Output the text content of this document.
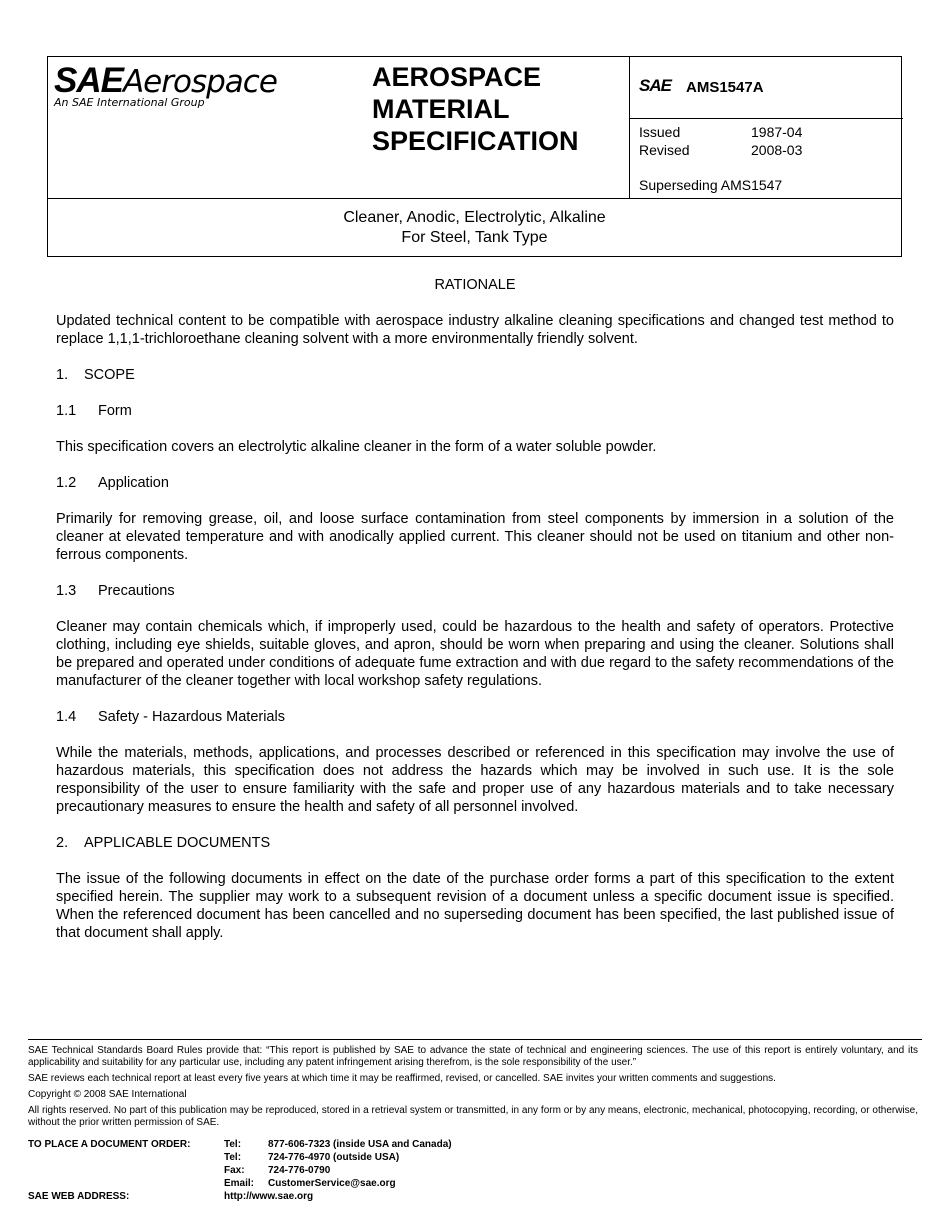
SAEAerospace
An SAE International Group
AEROSPACE
MATERIAL
SPECIFICATION
SAE AMS1547A
Issued	1987-04
Revised	2008-03
Superseding AMS1547
Cleaner, Anodic, Electrolytic, Alkaline
For Steel, Tank Type

RATIONALE

Updated technical content to be compatible with aerospace industry alkaline cleaning specifications and changed test method to replace 1,1,1-trichloroethane cleaning solvent with a more environmentally friendly solvent.

1. SCOPE

1.1 Form

This specification covers an electrolytic alkaline cleaner in the form of a water soluble powder.

1.2 Application

Primarily for removing grease, oil, and loose surface contamination from steel components by immersion in a solution of the cleaner at elevated temperature and with anodically applied current. This cleaner should not be used on titanium and other non-ferrous components.

1.3 Precautions

Cleaner may contain chemicals which, if improperly used, could be hazardous to the health and safety of operators. Protective clothing, including eye shields, suitable gloves, and apron, should be worn when preparing and using the cleaner. Solutions shall be prepared and operated under conditions of adequate fume extraction and with due regard to the safety recommendations of the manufacturer of the cleaner together with local workshop safety regulations.

1.4 Safety - Hazardous Materials

While the materials, methods, applications, and processes described or referenced in this specification may involve the use of hazardous materials, this specification does not address the hazards which may be involved in such use. It is the sole responsibility of the user to ensure familiarity with the safe and proper use of any hazardous materials and to take necessary precautionary measures to ensure the health and safety of all personnel involved.

2. APPLICABLE DOCUMENTS

The issue of the following documents in effect on the date of the purchase order forms a part of this specification to the extent specified herein. The supplier may work to a subsequent revision of a document unless a specific document issue is specified. When the referenced document has been cancelled and no superseding document has been specified, the last published issue of that document shall apply.

SAE Technical Standards Board Rules provide that: “This report is published by SAE to advance the state of technical and engineering sciences. The use of this report is entirely voluntary, and its applicability and suitability for any particular use, including any patent infringement arising therefrom, is the sole responsibility of the user.”

SAE reviews each technical report at least every five years at which time it may be reaffirmed, revised, or cancelled. SAE invites your written comments and suggestions.

Copyright © 2008 SAE International

All rights reserved. No part of this publication may be reproduced, stored in a retrieval system or transmitted, in any form or by any means, electronic, mechanical, photocopying, recording, or otherwise, without the prior written permission of SAE.

TO PLACE A DOCUMENT ORDER:	Tel:	877-606-7323 (inside USA and Canada)
Tel:	724-776-4970 (outside USA)
Fax: 724-776-0790
Email: CustomerService@sae.org
SAE WEB ADDRESS:	http://www.sae.org
